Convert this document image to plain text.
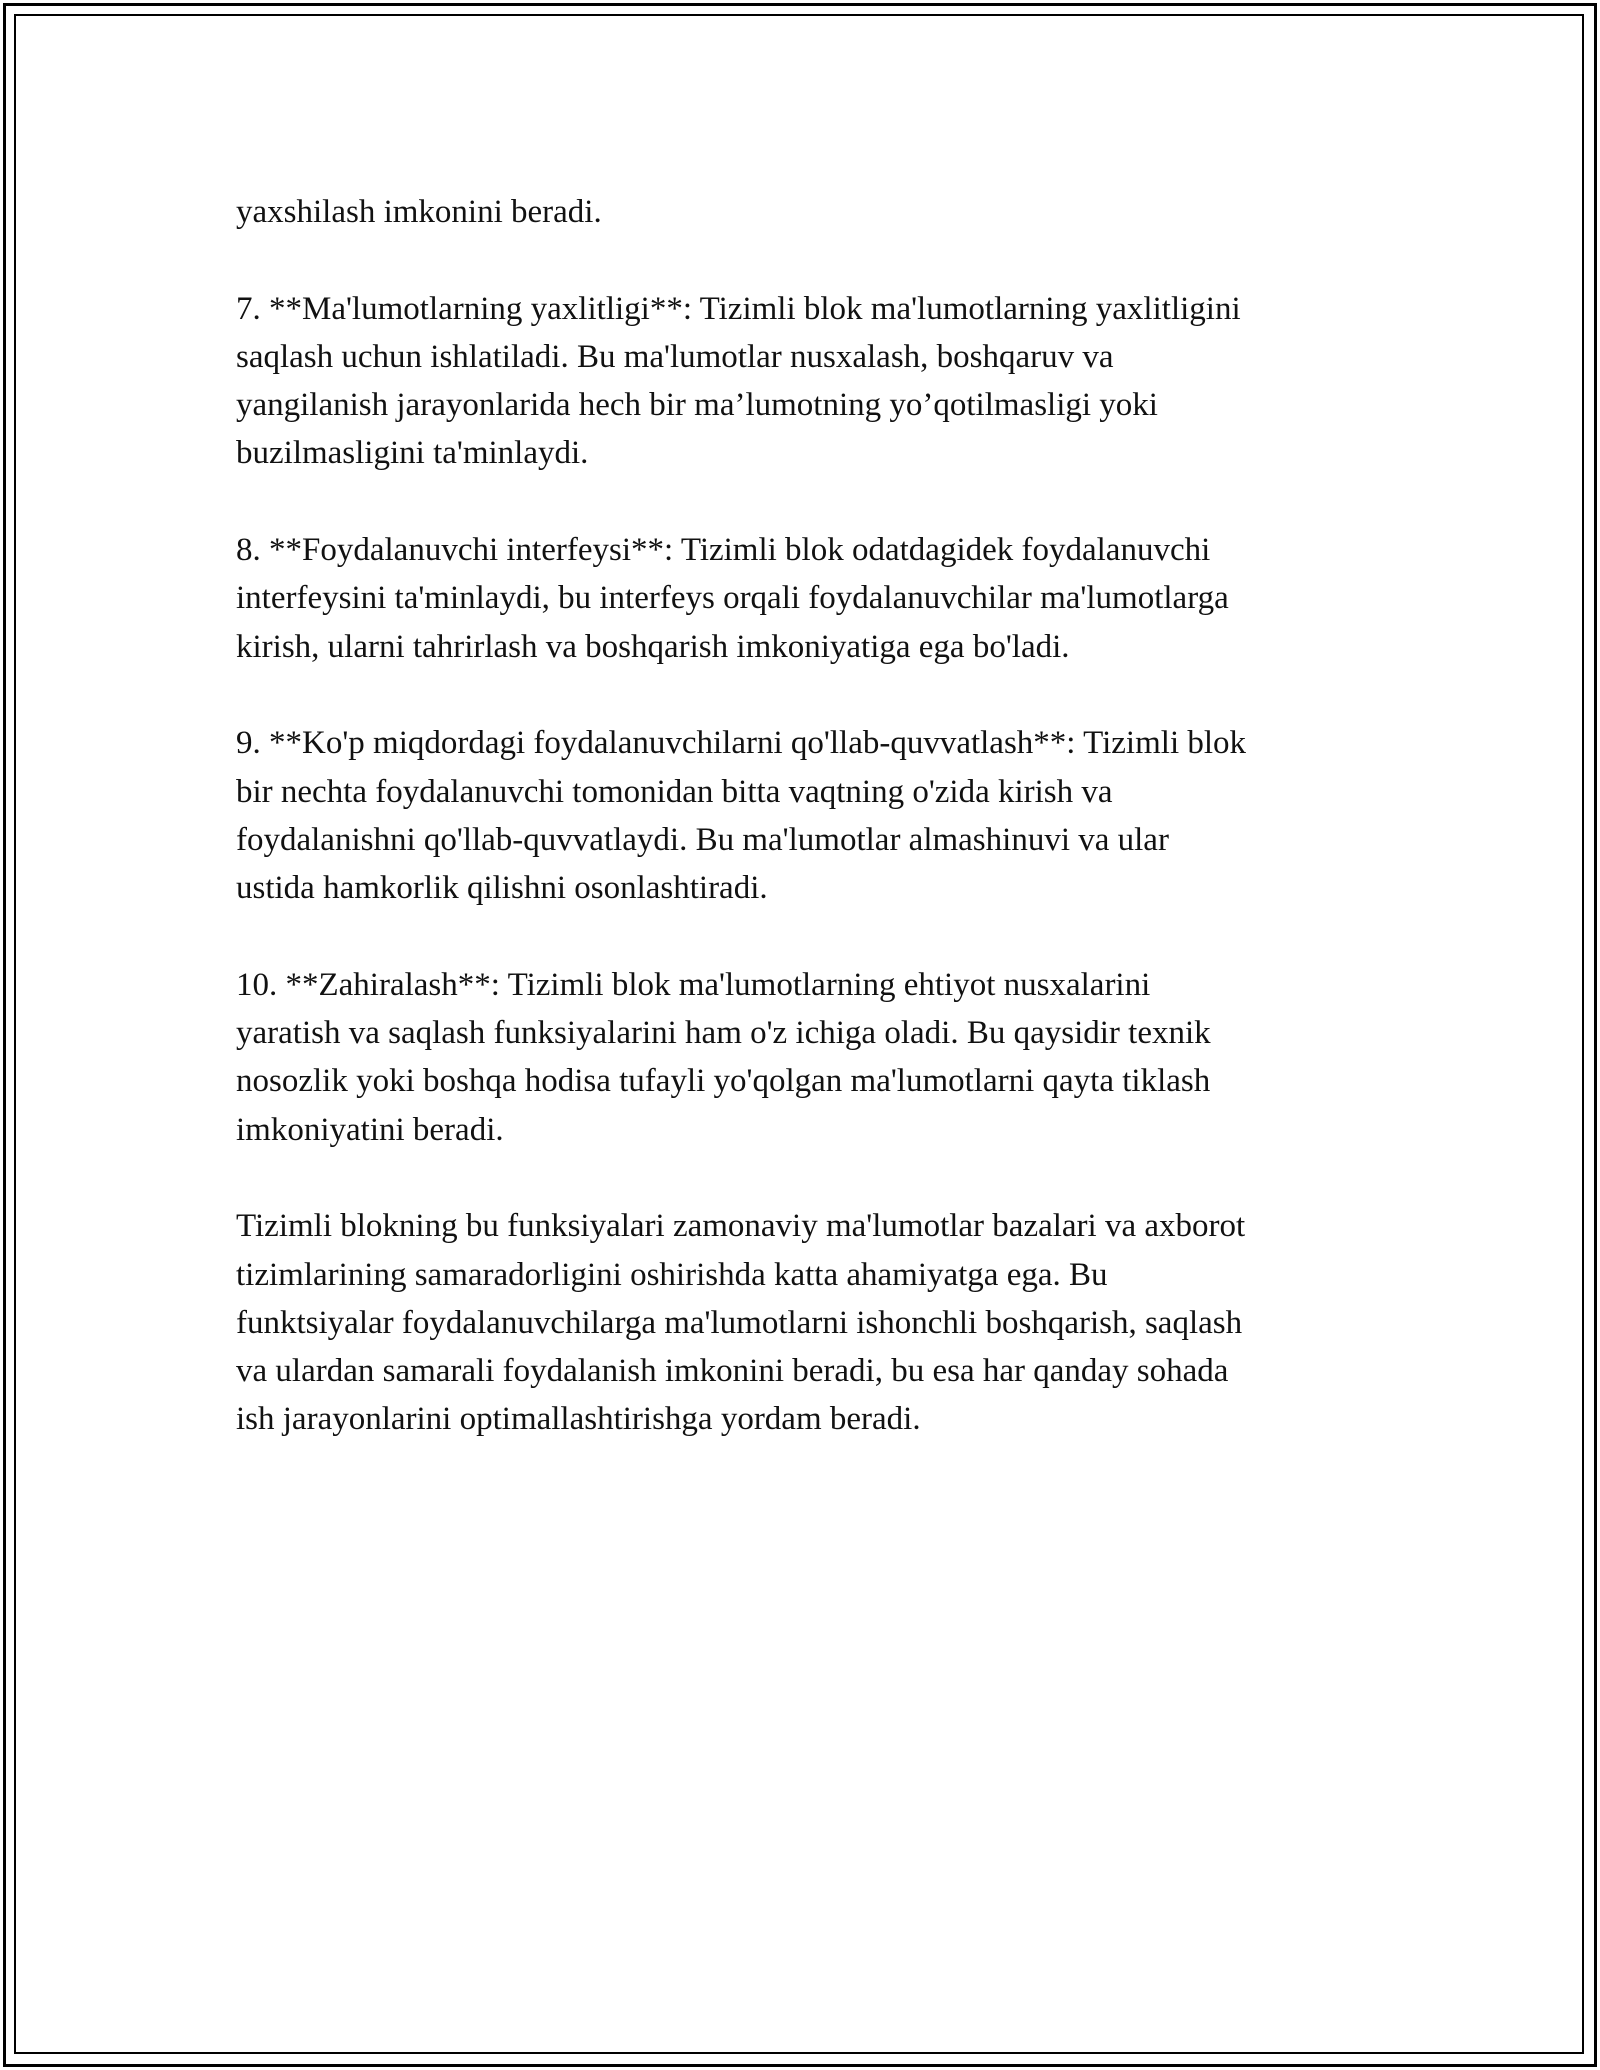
yaxshilash imkonini beradi.

7. **Ma'lumotlarning yaxlitligi**: Tizimli blok ma'lumotlarning yaxlitligini
saqlash uchun ishlatiladi. Bu ma'lumotlar nusxalash, boshqaruv va
yangilanish jarayonlarida hech bir ma’lumotning yo’qotilmasligi yoki
buzilmasligini ta'minlaydi.

8. **Foydalanuvchi interfeysi**: Tizimli blok odatdagidek foydalanuvchi
interfeysini ta'minlaydi, bu interfeys orqali foydalanuvchilar ma'lumotlarga
kirish, ularni tahrirlash va boshqarish imkoniyatiga ega bo'ladi.

9. **Ko'p miqdordagi foydalanuvchilarni qo'llab-quvvatlash**: Tizimli blok
bir nechta foydalanuvchi tomonidan bitta vaqtning o'zida kirish va
foydalanishni qo'llab-quvvatlaydi. Bu ma'lumotlar almashinuvi va ular
ustida hamkorlik qilishni osonlashtiradi.

10. **Zahiralash**: Tizimli blok ma'lumotlarning ehtiyot nusxalarini
yaratish va saqlash funksiyalarini ham o'z ichiga oladi. Bu qaysidir texnik
nosozlik yoki boshqa hodisa tufayli yo'qolgan ma'lumotlarni qayta tiklash
imkoniyatini beradi.

Tizimli blokning bu funksiyalari zamonaviy ma'lumotlar bazalari va axborot
tizimlarining samaradorligini oshirishda katta ahamiyatga ega. Bu
funktsiyalar foydalanuvchilarga ma'lumotlarni ishonchli boshqarish, saqlash
va ulardan samarali foydalanish imkonini beradi, bu esa har qanday sohada
ish jarayonlarini optimallashtirishga yordam beradi.
